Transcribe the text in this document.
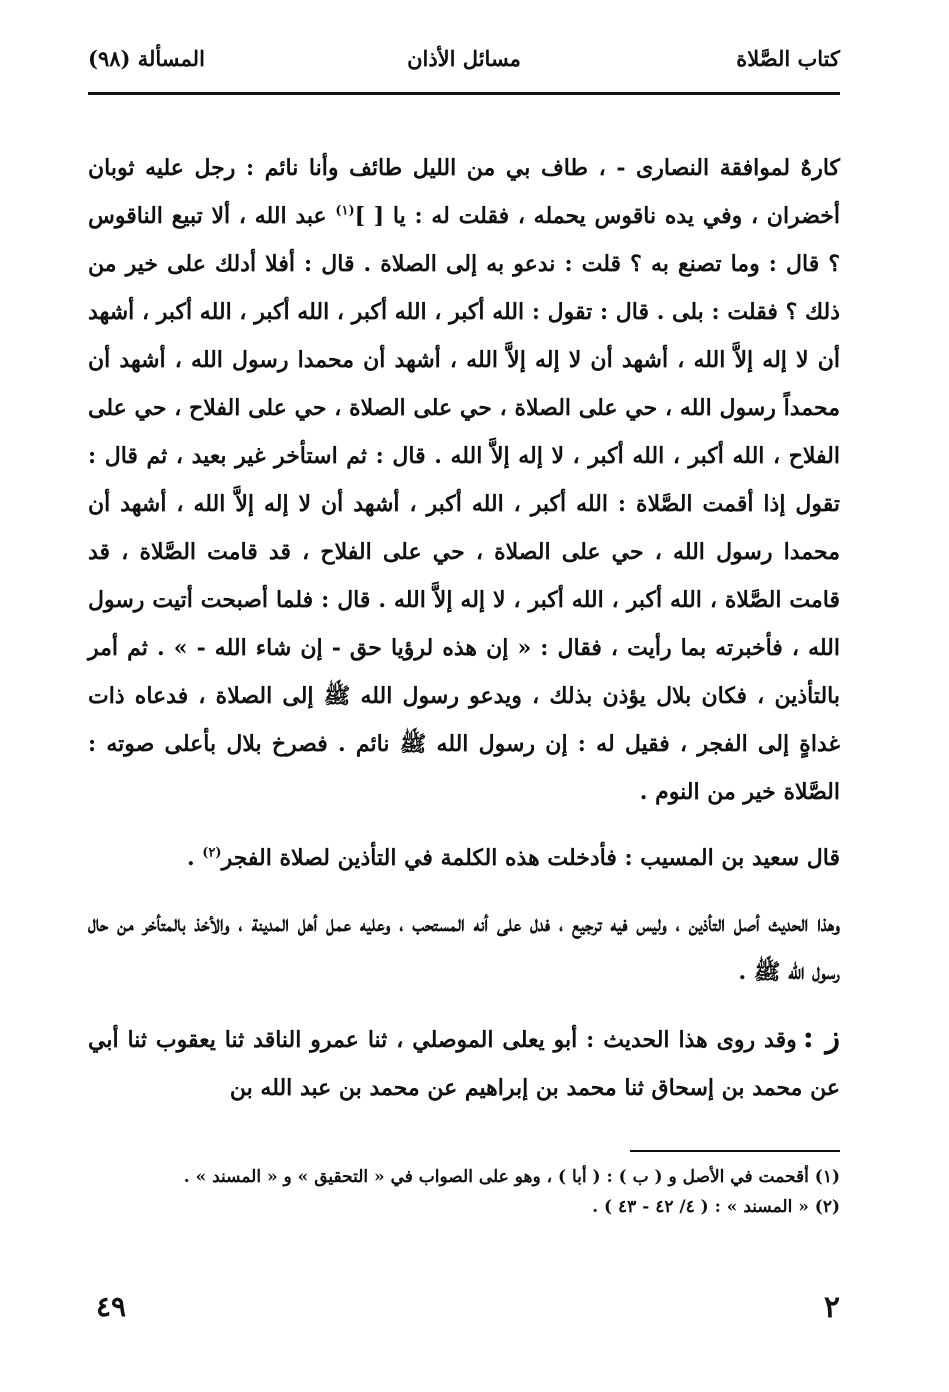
كتاب الصَّلاة
مسائل الأذان
المسألة (٩٨)

كارهٌ لموافقة النصارى - ، طاف بي من الليل طائف وأنا نائم : رجل عليه ثوبان أخضران ، وفي يده ناقوس يحمله ، فقلت له : يا [ ]$^{(١)}$ عبد الله ، ألا تبيع الناقوس ؟ قال : وما تصنع به ؟ قلت : ندعو به إلى الصلاة . قال : أفلا أدلك على خير من ذلك ؟ فقلت : بلى . قال : تقول : الله أكبر ، الله أكبر ، الله أكبر ، الله أكبر ، أشهد أن لا إله إلاَّ الله ، أشهد أن لا إله إلاَّ الله ، أشهد أن محمدا رسول الله ، أشهد أن محمداً رسول الله ، حي على الصلاة ، حي على الصلاة ، حي على الفلاح ، حي على الفلاح ، الله أكبر ، الله أكبر ، لا إله إلاَّ الله . قال : ثم استأخر غير بعيد ، ثم قال : تقول إذا أقمت الصَّلاة : الله أكبر ، الله أكبر ، أشهد أن لا إله إلاَّ الله ، أشهد أن محمدا رسول الله ، حي على الصلاة ، حي على الفلاح ، قد قامت الصَّلاة ، قد قامت الصَّلاة ، الله أكبر ، الله أكبر ، لا إله إلاَّ الله . قال : فلما أصبحت أتيت رسول الله ، فأخبرته بما رأيت ، فقال : « إن هذه لرؤيا حق - إن شاء الله - » . ثم أمر بالتأذين ، فكان بلال يؤذن بذلك ، ويدعو رسول الله ﷺ إلى الصلاة ، فدعاه ذات غداةٍ إلى الفجر ، فقيل له : إن رسول الله ﷺ نائم . فصرخ بلال بأعلى صوته : الصَّلاة خير من النوم .

قال سعيد بن المسيب : فأدخلت هذه الكلمة في التأذين لصلاة الفجر$^{(٢)}$ .

وهذا الحديث أصل التأذين ، وليس فيه ترجيع ، فدل على أنه المستحب ، وعليه عمل أهل المدينة ، والأخذ بالمتأخر من حال رسول الله ﷺ .

ز :وقد روى هذا الحديث : أبو يعلى الموصلي ، ثنا عمرو الناقد ثنا يعقوب ثنا أبي عن محمد بن إسحاق ثنا محمد بن إبراهيم عن محمد بن عبد الله بن

(١) أقحمت في الأصل و ( ب ) : ( أبا ) ، وهو على الصواب في « التحقيق » و « المسند » .

(٢) « المسند » : ( ٤/ ٤٢ - ٤٣ ) .

٢
٤٩
